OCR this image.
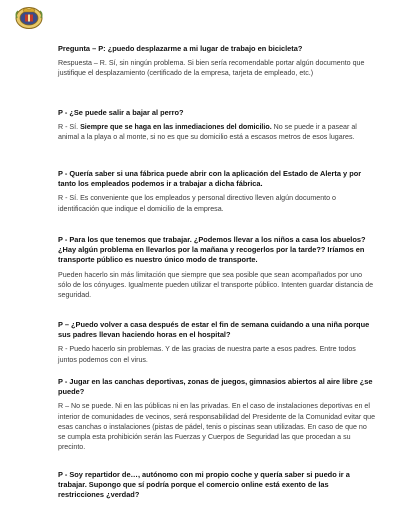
Pregunta – P: ¿puedo desplazarme a mi lugar de trabajo en bicicleta?

Respuesta – R. Sí, sin ningún problema. Si bien sería recomendable portar algún documento que justifique el desplazamiento (certificado de la empresa, tarjeta de empleado, etc.)

P - ¿Se puede salir a bajar al perro?

R - Sí. Siempre que se haga en las inmediaciones del domicilio. No se puede ir a pasear al animal a la playa o al monte, si no es que su domicilio está a escasos metros de esos lugares.

P - Quería saber si una fábrica puede abrir con la aplicación del Estado de Alerta y por tanto los empleados podemos ir a trabajar a dicha fábrica.

R - Sí. Es conveniente que los empleados y personal directivo lleven algún documento o identificación que indique el domicilio de la empresa.

P - Para los que tenemos que trabajar. ¿Podemos llevar a los niños a casa los abuelos? ¿Hay algún problema en llevarlos por la mañana y recogerlos por la tarde?? Iríamos en transporte público es nuestro único modo de transporte.

Pueden hacerlo sin más limitación que siempre que sea posible que sean acompañados por uno sólo de los cónyuges. Igualmente pueden utilizar el transporte público. Intenten guardar distancia de seguridad.

P – ¿Puedo volver a casa después de estar el fin de semana cuidando a una niña porque sus padres llevan haciendo horas en el hospital?

R - Puedo hacerlo sin problemas. Y de las gracias de nuestra parte a esos padres. Entre todos juntos podemos con el virus.

P - Jugar en las canchas deportivas, zonas de juegos, gimnasios abiertos al aire libre ¿se puede?

R – No se puede. Ni en las públicas ni en las privadas. En el caso de instalaciones deportivas en el interior de comunidades de vecinos, será responsabilidad del Presidente de la Comunidad evitar que esas canchas o instalaciones (pistas de pádel, tenis o piscinas sean utilizadas. En caso de que no se cumpla esta prohibición serán las Fuerzas y Cuerpos de Seguridad las que procedan a su precinto.

P - Soy repartidor de…, autónomo con mi propio coche y quería saber si puedo ir a trabajar. Supongo que sí podría porque el comercio online está exento de las restricciones ¿verdad?
